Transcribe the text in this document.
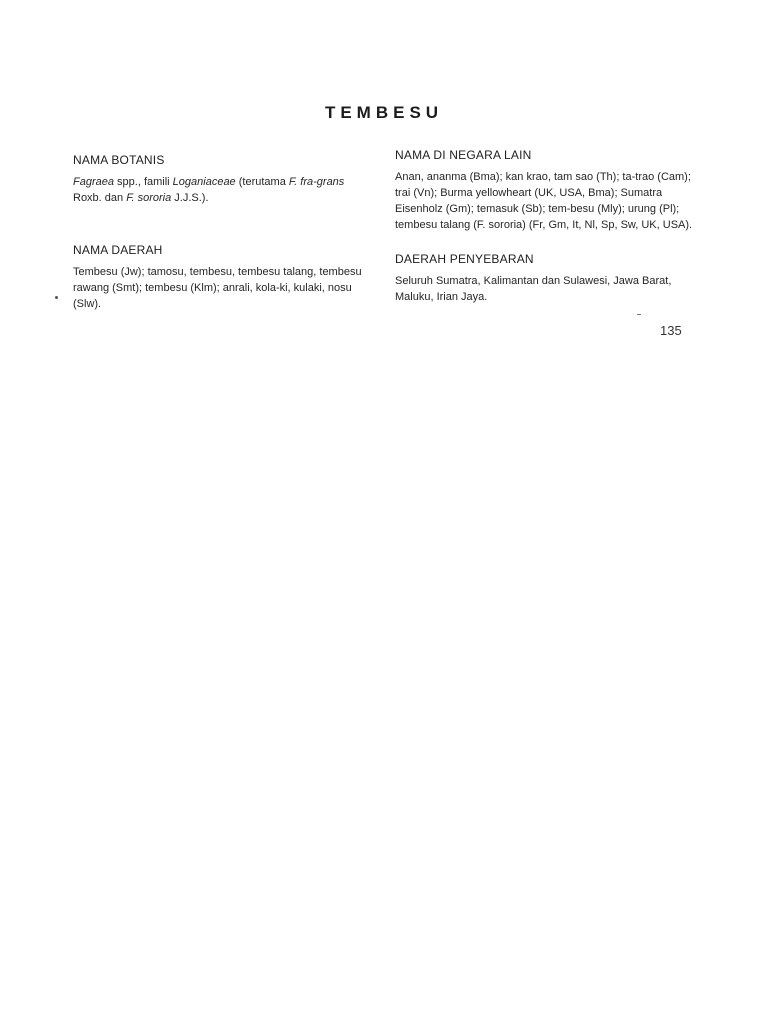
TEMBESU
NAMA BOTANIS

Fagraea spp., famili Loganiaceae (terutama F. fra-grans Roxb. dan F. sororia J.J.S.).

NAMA DAERAH

Tembesu (Jw); tamosu, tembesu, tembesu talang, tembesu rawang (Smt); tembesu (Klm); anrali, kola-ki, kulaki, nosu (Slw).

NAMA DI NEGARA LAIN

Anan, ananma (Bma); kan krao, tam sao (Th); ta-trao (Cam); trai (Vn); Burma yellowheart (UK, USA, Bma); Sumatra Eisenholz (Gm); temasuk (Sb); tem-besu (Mly); urung (Pl); tembesu talang (F. sororia) (Fr, Gm, It, Nl, Sp, Sw, UK, USA).

DAERAH PENYEBARAN

Seluruh Sumatra, Kalimantan dan Sulawesi, Jawa Barat, Maluku, Irian Jaya.

135
